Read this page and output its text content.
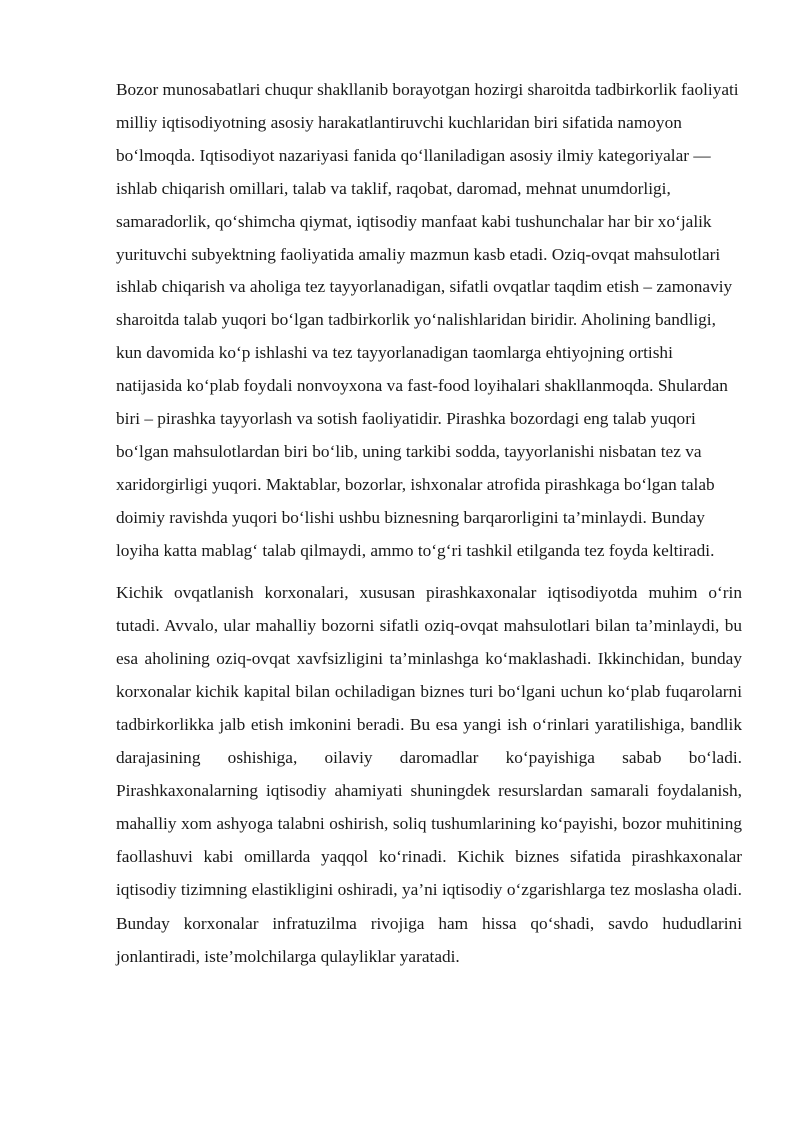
Bozor munosabatlari chuqur shakllanib borayotgan hozirgi sharoitda tadbirkorlik faoliyati milliy iqtisodiyotning asosiy harakatlantiruvchi kuchlaridan biri sifatida namoyon boʻlmoqda. Iqtisodiyot nazariyasi fanida qoʻllaniladigan asosiy ilmiy kategoriyalar — ishlab chiqarish omillari, talab va taklif, raqobat, daromad, mehnat unumdorligi, samaradorlik, qoʻshimcha qiymat, iqtisodiy manfaat kabi tushunchalar har bir xoʻjalik yurituvchi subyektning faoliyatida amaliy mazmun kasb etadi. Oziq-ovqat mahsulotlari ishlab chiqarish va aholiga tez tayyorlanadigan, sifatli ovqatlar taqdim etish – zamonaviy sharoitda talab yuqori boʻlgan tadbirkorlik yoʻnalishlaridan biridir. Aholining bandligi, kun davomida koʻp ishlashi va tez tayyorlanadigan taomlarga ehtiyojning ortishi natijasida koʻplab foydali nonvoyxona va fast-food loyihalari shakllanmoqda. Shulardan biri – pirashka tayyorlash va sotish faoliyatidir. Pirashka bozordagi eng talab yuqori boʻlgan mahsulotlardan biri boʻlib, uning tarkibi sodda, tayyorlanishi nisbatan tez va xaridorgirligi yuqori. Maktablar, bozorlar, ishxonalar atrofida pirashkaga boʻlgan talab doimiy ravishda yuqori boʻlishi ushbu biznesning barqarorligini ta’minlaydi. Bunday loyiha katta mablagʻ talab qilmaydi, ammo toʻgʻri tashkil etilganda tez foyda keltiradi.

Kichik ovqatlanish korxonalari, xususan pirashkaxonalar iqtisodiyotda muhim oʻrin tutadi. Avvalo, ular mahalliy bozorni sifatli oziq-ovqat mahsulotlari bilan ta’minlaydi, bu esa aholining oziq-ovqat xavfsizligini ta’minlashga koʻmaklashadi. Ikkinchidan, bunday korxonalar kichik kapital bilan ochiladigan biznes turi boʻlgani uchun koʻplab fuqarolarni tadbirkorlikka jalb etish imkonini beradi. Bu esa yangi ish oʻrinlari yaratilishiga, bandlik darajasining oshishiga, oilaviy daromadlar koʻpayishiga sabab boʻladi. Pirashkaxonalarning iqtisodiy ahamiyati shuningdek resurslardan samarali foydalanish, mahalliy xom ashyoga talabni oshirish, soliq tushumlarining koʻpayishi, bozor muhitining faollashuvi kabi omillarda yaqqol koʻrinadi. Kichik biznes sifatida pirashkaxonalar iqtisodiy tizimning elastikligini oshiradi, ya’ni iqtisodiy oʻzgarishlarga tez moslasha oladi. Bunday korxonalar infratuzilma rivojiga ham hissa qoʻshadi, savdo hududlarini jonlantiradi, iste’molchilarga qulayliklar yaratadi.
